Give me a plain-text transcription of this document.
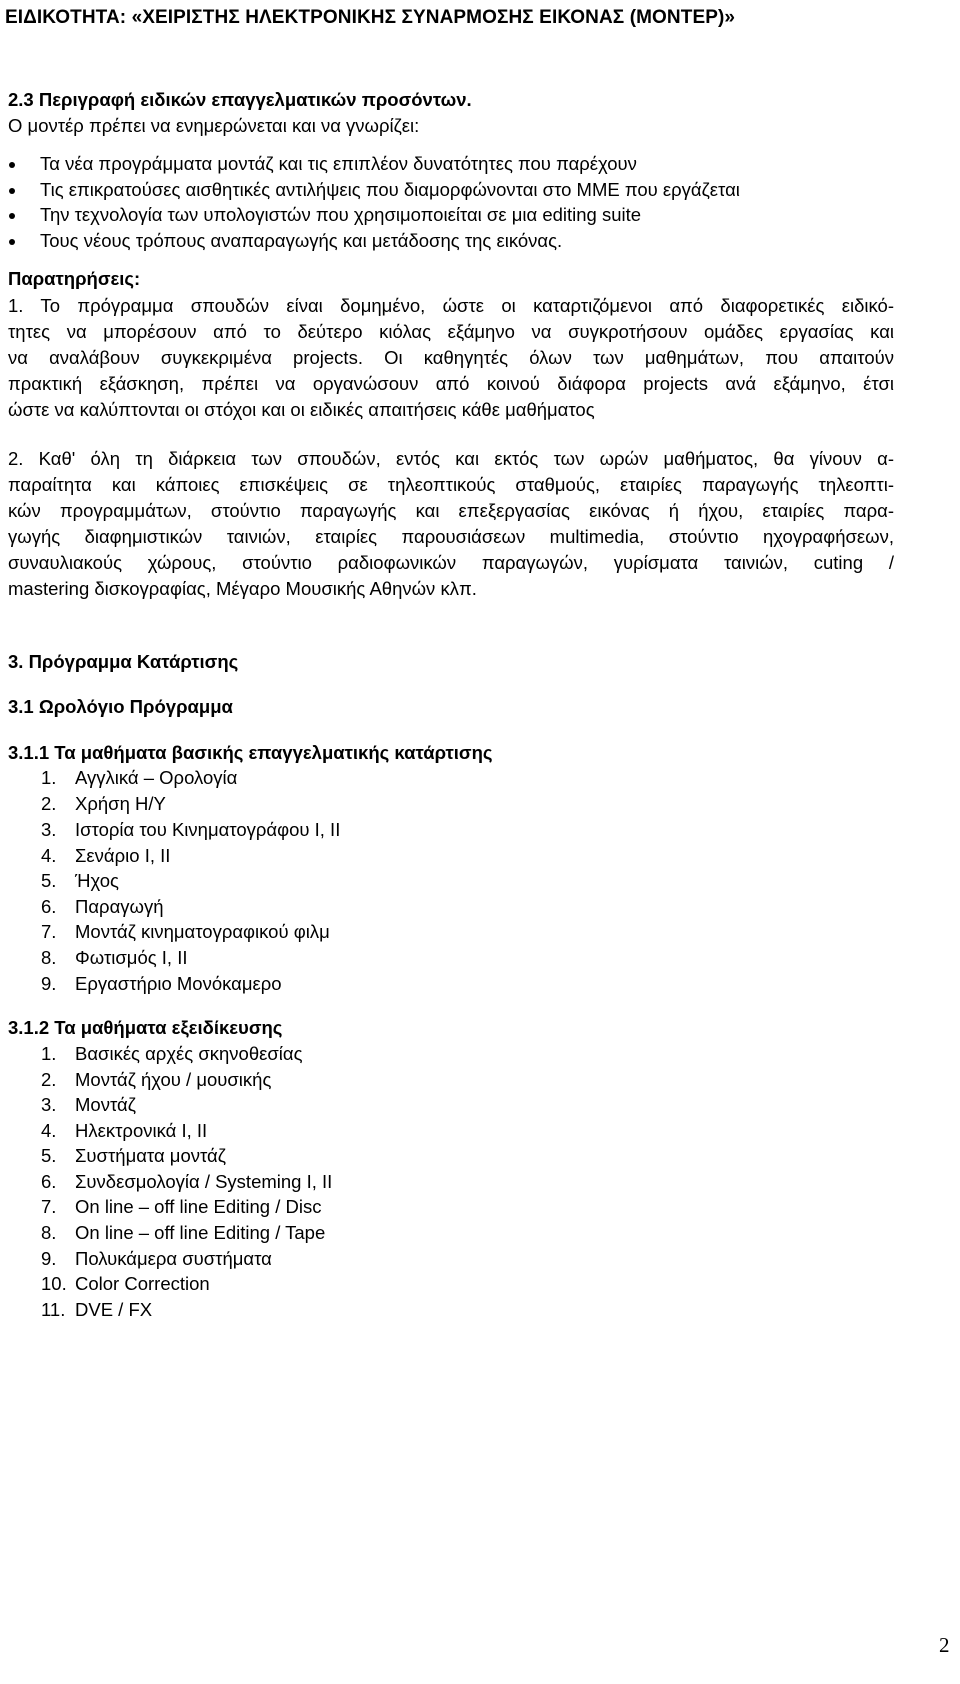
ΕΙΔΙΚΟΤΗΤΑ: «ΧΕΙΡΙΣΤΗΣ ΗΛΕΚΤΡΟΝΙΚΗΣ ΣΥΝΑΡΜΟΣΗΣ ΕΙΚΟΝΑΣ (ΜΟΝΤΕΡ)»
2.3 Περιγραφή ειδικών επαγγελματικών προσόντων.
Ο μοντέρ πρέπει να ενημερώνεται και να γνωρίζει:
Τα νέα προγράμματα μοντάζ και τις επιπλέον δυνατότητες που παρέχουν
Τις επικρατούσες αισθητικές αντιλήψεις που διαμορφώνονται στο ΜΜΕ που εργάζεται
Την τεχνολογία των υπολογιστών που χρησιμοποιείται σε μια editing suite
Τους νέους τρόπους αναπαραγωγής και μετάδοσης της εικόνας.
Παρατηρήσεις:
1. Το πρόγραμμα σπουδών είναι δομημένο, ώστε οι καταρτιζόμενοι από διαφορετικές ειδικό-
τητες να μπορέσουν από το δεύτερο κιόλας εξάμηνο να συγκροτήσουν ομάδες εργασίας και
να αναλάβουν συγκεκριμένα projects. Οι καθηγητές όλων των μαθημάτων, που απαιτούν
πρακτική εξάσκηση, πρέπει να οργανώσουν από κοινού διάφορα projects ανά εξάμηνο, έτσι
ώστε να καλύπτονται οι στόχοι και οι ειδικές απαιτήσεις κάθε μαθήματος
2. Καθ' όλη τη διάρκεια των σπουδών, εντός και εκτός των ωρών μαθήματος, θα γίνουν α-
παραίτητα και κάποιες επισκέψεις σε τηλεοπτικούς σταθμούς, εταιρίες παραγωγής τηλεοπτι-
κών προγραμμάτων, στούντιο παραγωγής και επεξεργασίας εικόνας ή ήχου, εταιρίες παρα-
γωγής διαφημιστικών ταινιών, εταιρίες παρουσιάσεων multimedia, στούντιο ηχογραφήσεων,
συναυλιακούς χώρους, στούντιο ραδιοφωνικών παραγωγών, γυρίσματα ταινιών, cuting /
mastering δισκογραφίας, Μέγαρο Μουσικής Αθηνών κλπ.
3. Πρόγραμμα Κατάρτισης
3.1 Ωρολόγιο Πρόγραμμα
3.1.1 Τα μαθήματα βασικής επαγγελματικής κατάρτισης
1. Αγγλικά – Ορολογία
2. Χρήση Η/Υ
3. Ιστορία του Κινηματογράφου Ι, ΙΙ
4. Σενάριο Ι, ΙΙ
5. Ήχος
6. Παραγωγή
7. Μοντάζ κινηματογραφικού φιλμ
8. Φωτισμός Ι, ΙΙ
9. Εργαστήριο Μονόκαμερο
3.1.2 Τα μαθήματα εξειδίκευσης
1. Βασικές αρχές σκηνοθεσίας
2. Μοντάζ ήχου / μουσικής
3. Μοντάζ
4. Ηλεκτρονικά Ι, ΙΙ
5. Συστήματα μοντάζ
6. Συνδεσμολογία / Systeming Ι, ΙΙ
7. On line – off line Editing / Disc
8. On line – off line Editing / Tape
9. Πολυκάμερα συστήματα
10. Color Correction
11. DVE / FX
2
